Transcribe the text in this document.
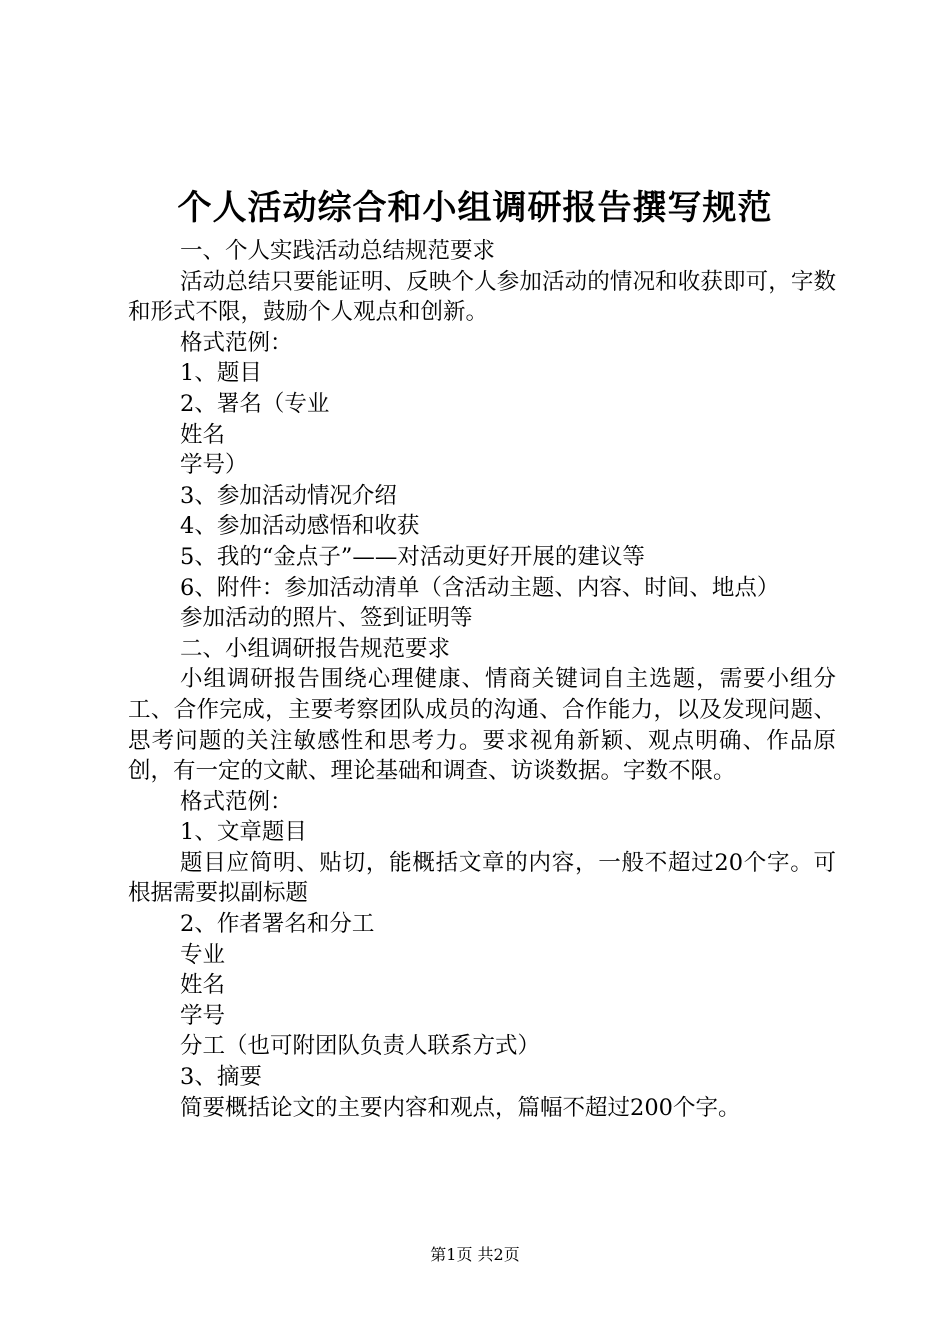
个人活动综合和小组调研报告撰写规范

一、个人实践活动总结规范要求

活动总结只要能证明、反映个人参加活动的情况和收获即可，字数和形式不限，鼓励个人观点和创新。

格式范例：

1、题目

2、署名（专业

姓名

学号）

3、参加活动情况介绍

4、参加活动感悟和收获

5、我的“金点子”——对活动更好开展的建议等

6、附件：参加活动清单（含活动主题、内容、时间、地点）

参加活动的照片、签到证明等

二、小组调研报告规范要求

小组调研报告围绕心理健康、情商关键词自主选题，需要小组分工、合作完成，主要考察团队成员的沟通、合作能力，以及发现问题、思考问题的关注敏感性和思考力。要求视角新颖、观点明确、作品原创，有一定的文献、理论基础和调查、访谈数据。字数不限。

格式范例：

1、文章题目

题目应简明、贴切，能概括文章的内容，一般不超过20个字。可根据需要拟副标题

2、作者署名和分工

专业

姓名

学号

分工（也可附团队负责人联系方式）

3、摘要

简要概括论文的主要内容和观点，篇幅不超过200个字。

第1页 共2页
